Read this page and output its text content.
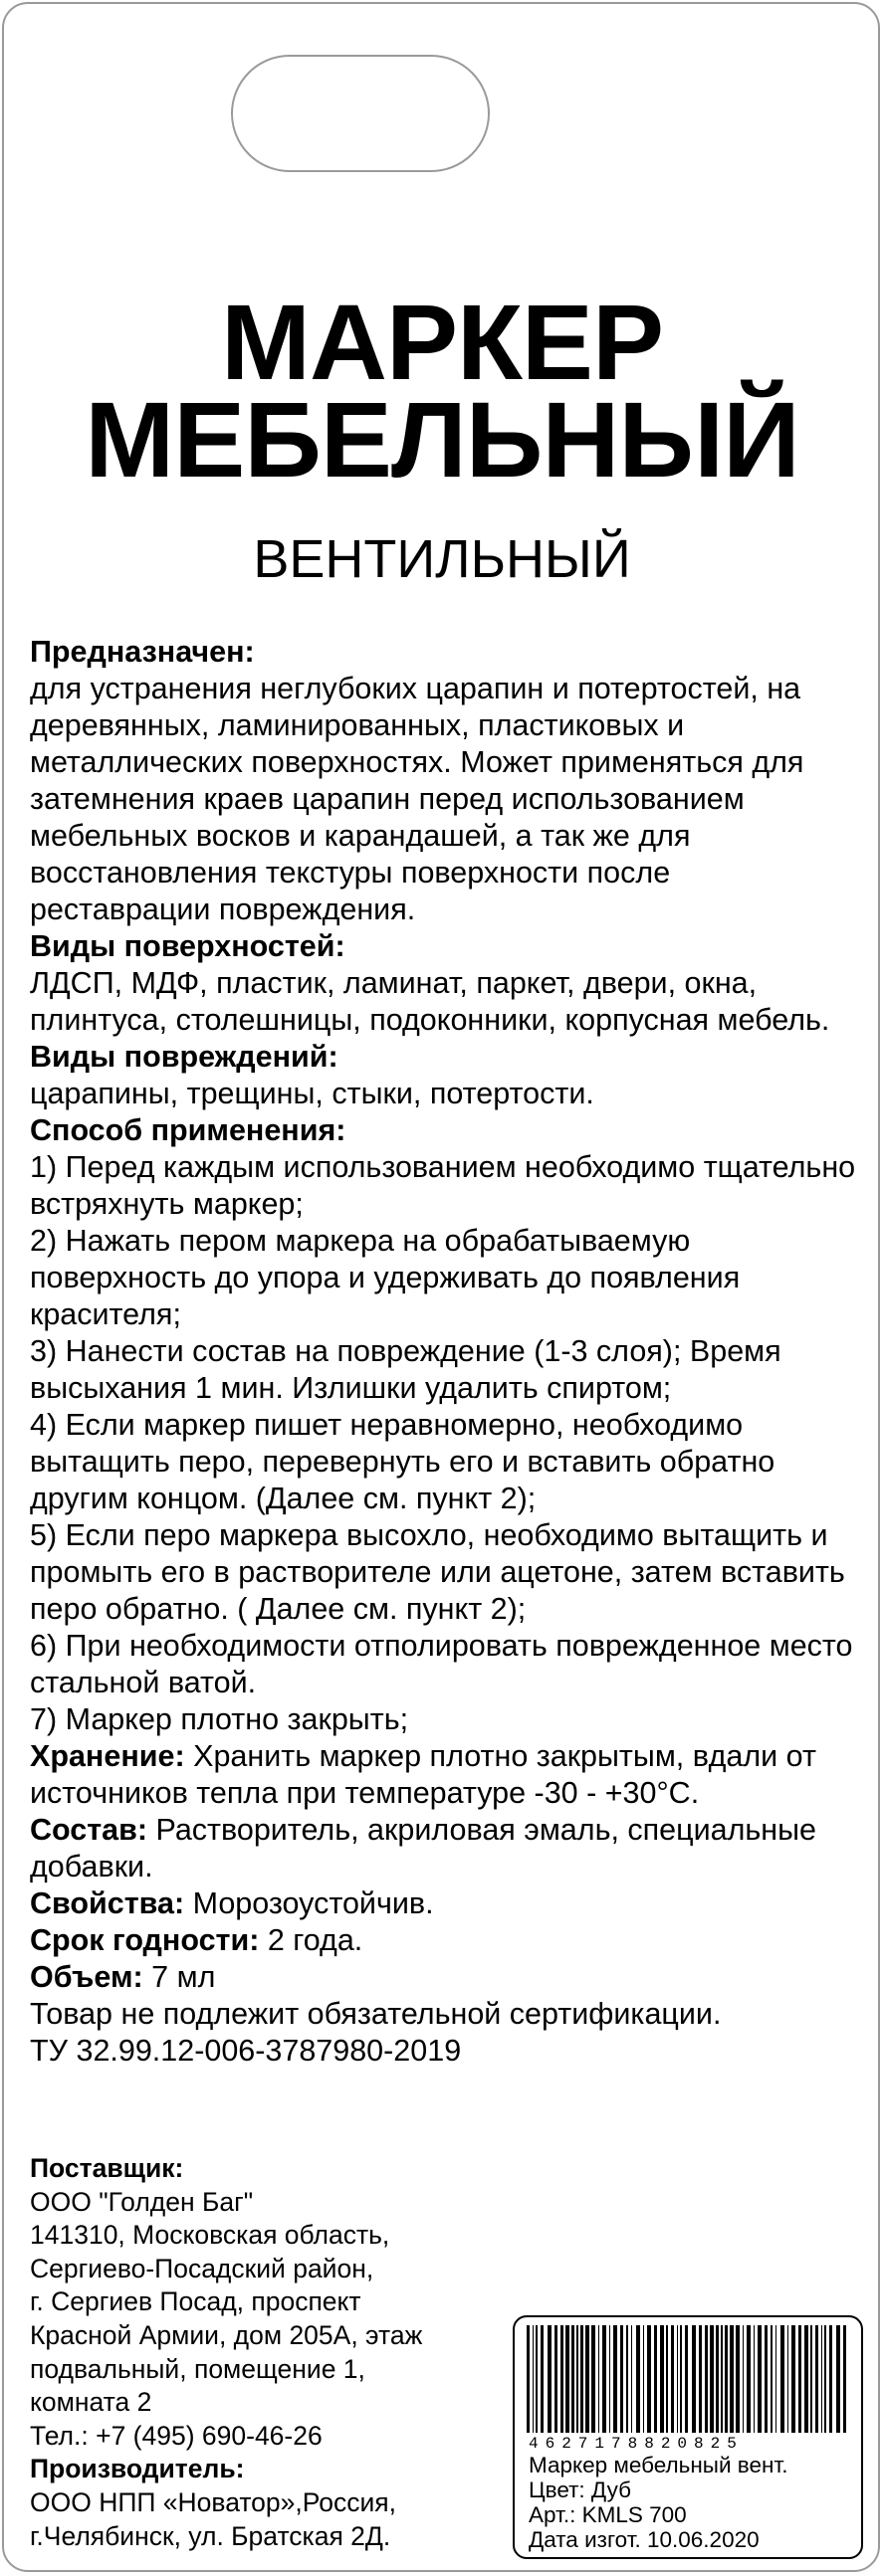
МАРКЕР
МЕБЕЛЬНЫЙ
ВЕНТИЛЬНЫЙ

Предназначен:

для устранения неглубоких царапин и потертостей, на деревянных, ламинированных, пластиковых и металлических поверхностях. Может применяться для затемнения краев царапин перед использованием мебельных восков и карандашей, а так же для восстановления текстуры поверхности после реставрации повреждения.

Виды поверхностей:

ЛДСП, МДФ, пластик, ламинат, паркет, двери, окна, плинтуса, столешницы, подоконники, корпусная мебель.

Виды повреждений:

царапины, трещины, стыки, потертости.

Способ применения:

1) Перед каждым использованием необходимо тщательно встряхнуть маркер;

2) Нажать пером маркера на обрабатываемую поверхность до упора и удерживать до появления красителя;

3) Нанести состав на повреждение (1-3 слоя); Время высыхания 1 мин. Излишки удалить спиртом;

4) Если маркер пишет неравномерно, необходимо вытащить перо, перевернуть его и вставить обратно другим концом. (Далее см. пункт 2);

5) Если перо маркера высохло, необходимо вытащить и промыть его в растворителе или ацетоне, затем вставить перо обратно. ( Далее см. пункт 2);

6) При необходимости отполировать поврежденное место стальной ватой.

7) Маркер плотно закрыть;

Хранение: Хранить маркер плотно закрытым, вдали от источников тепла при температуре -30 - +30°С.

Состав: Растворитель, акриловая эмаль, специальные добавки.

Свойства: Морозоустойчив.

Срок годности: 2 года.

Объем: 7 мл

Товар не подлежит обязательной сертификации.

ТУ 32.99.12-006-3787980-2019

Поставщик:

ООО "Голден Баг"

141310, Московская область,

Сергиево-Посадский район,

г. Сергиев Посад, проспект

Красной Армии, дом 205А, этаж

подвальный, помещение 1,

комната 2

Тел.: +7 (495) 690-46-26

Производитель:

ООО НПП «Новатор»,Россия,

г.Челябинск, ул. Братская 2Д.

4627178820825
Маркер мебельный вент.
Цвет: Дуб
Арт.: KMLS 700
Дата изгот. 10.06.2020
